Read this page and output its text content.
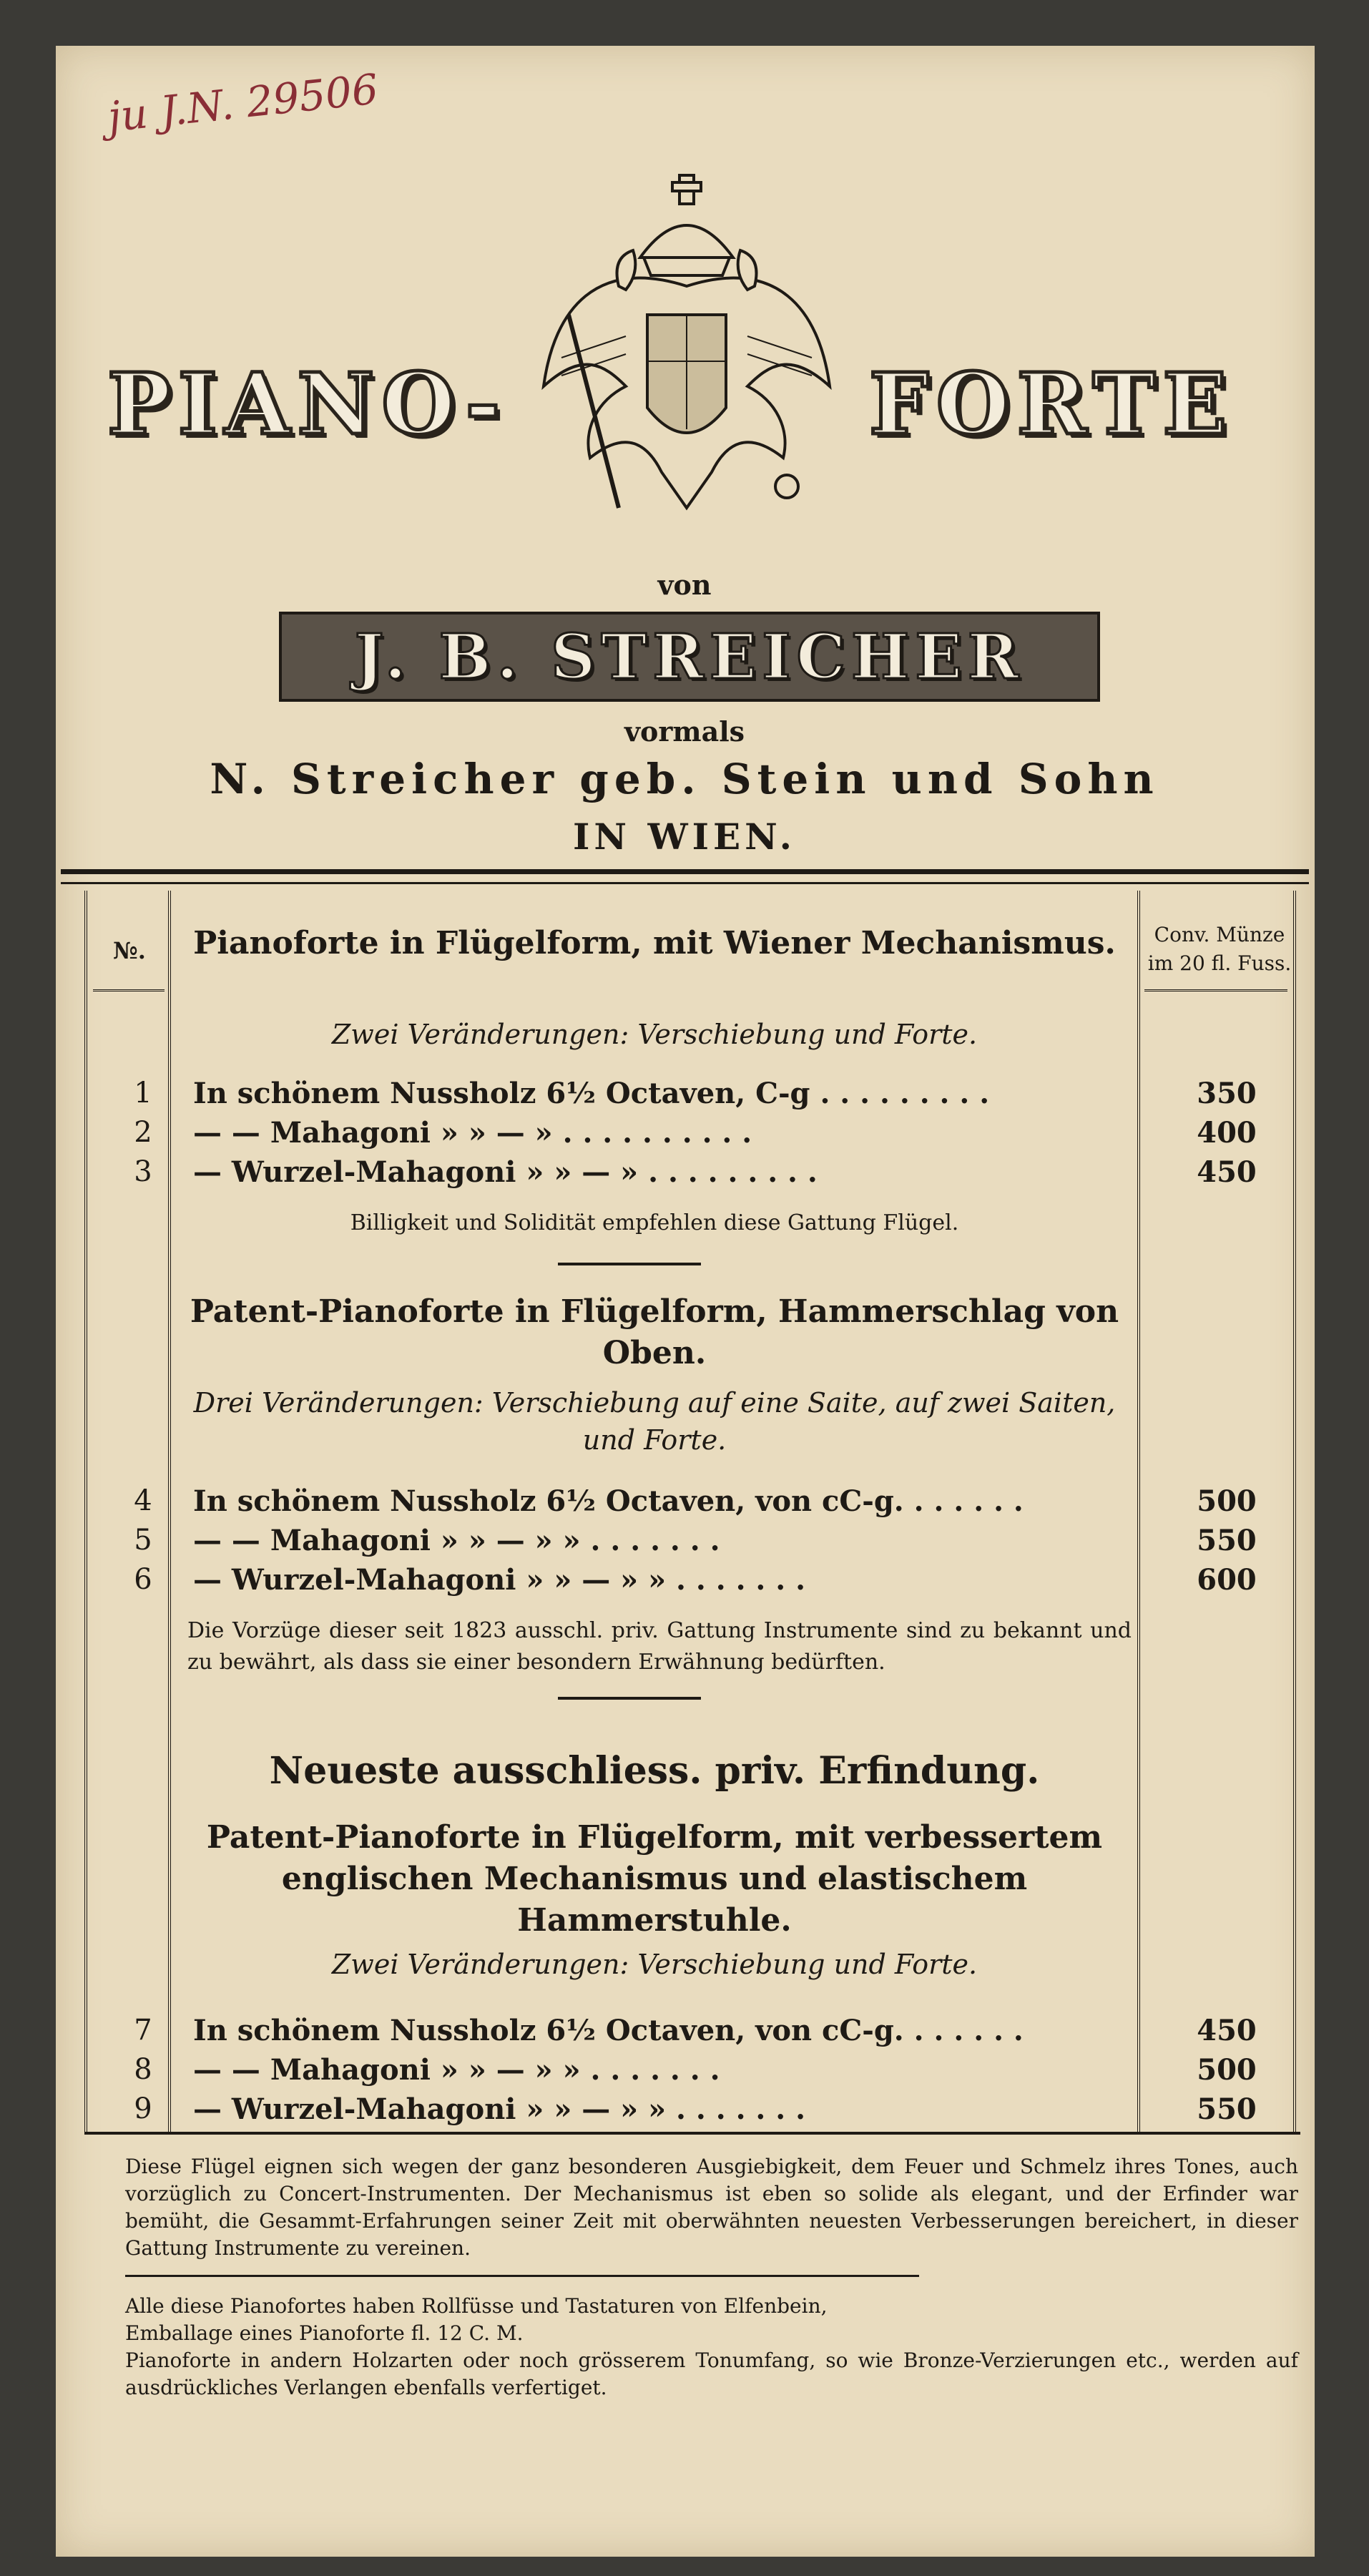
ju J.N. 29506
PIANO-	FORTE
von
J. B. STREICHER
vormals
N. Streicher geb. Stein und Sohn
IN WIEN.
№.
Conv. Münze im 20 fl. Fuss.
Pianoforte in Flügelform, mit Wiener Mechanismus.
Zwei Veränderungen: Verschiebung und Forte.
1	In schönem Nussholz 6½ Octaven, C-g . . . . . . . . .	350
2	— — Mahagoni » » — » . . . . . . . . . .	400
3	— Wurzel-Mahagoni » » — » . . . . . . . . .	450
Billigkeit und Solidität empfehlen diese Gattung Flügel.
Patent-Pianoforte in Flügelform, Hammerschlag von Oben.
Drei Veränderungen: Verschiebung auf eine Saite, auf zwei Saiten, und Forte.
4	In schönem Nussholz 6½ Octaven, von cC-g. . . . . . .	500
5	— — Mahagoni » » — » » . . . . . . .	550
6	— Wurzel-Mahagoni » » — » » . . . . . . .	600
Die Vorzüge dieser seit 1823 ausschl. priv. Gattung Instrumente sind zu bekannt und zu bewährt, als dass sie einer besondern Erwähnung bedürften.
Neueste ausschliess. priv. Erfindung.
Patent-Pianoforte in Flügelform, mit verbessertem englischen Mechanismus und elastischem Hammerstuhle.
Zwei Veränderungen: Verschiebung und Forte.
7	In schönem Nussholz 6½ Octaven, von cC-g. . . . . . .	450
8	— — Mahagoni » » — » » . . . . . . .	500
9	— Wurzel-Mahagoni » » — » » . . . . . . .	550
Diese Flügel eignen sich wegen der ganz besonderen Ausgiebigkeit, dem Feuer und Schmelz ihres Tones, auch vorzüglich zu Concert-Instrumenten. Der Mechanismus ist eben so solide als elegant, und der Erfinder war bemüht, die Gesammt-Erfahrungen seiner Zeit mit oberwähnten neuesten Verbesserungen bereichert, in dieser Gattung Instrumente zu vereinen.
Alle diese Pianofortes haben Rollfüsse und Tastaturen von Elfenbein,
Emballage eines Pianoforte fl. 12 C. M.
Pianoforte in andern Holzarten oder noch grösserem Tonumfang, so wie Bronze-Verzierungen etc., werden auf ausdrückliches Verlangen ebenfalls verfertiget.
